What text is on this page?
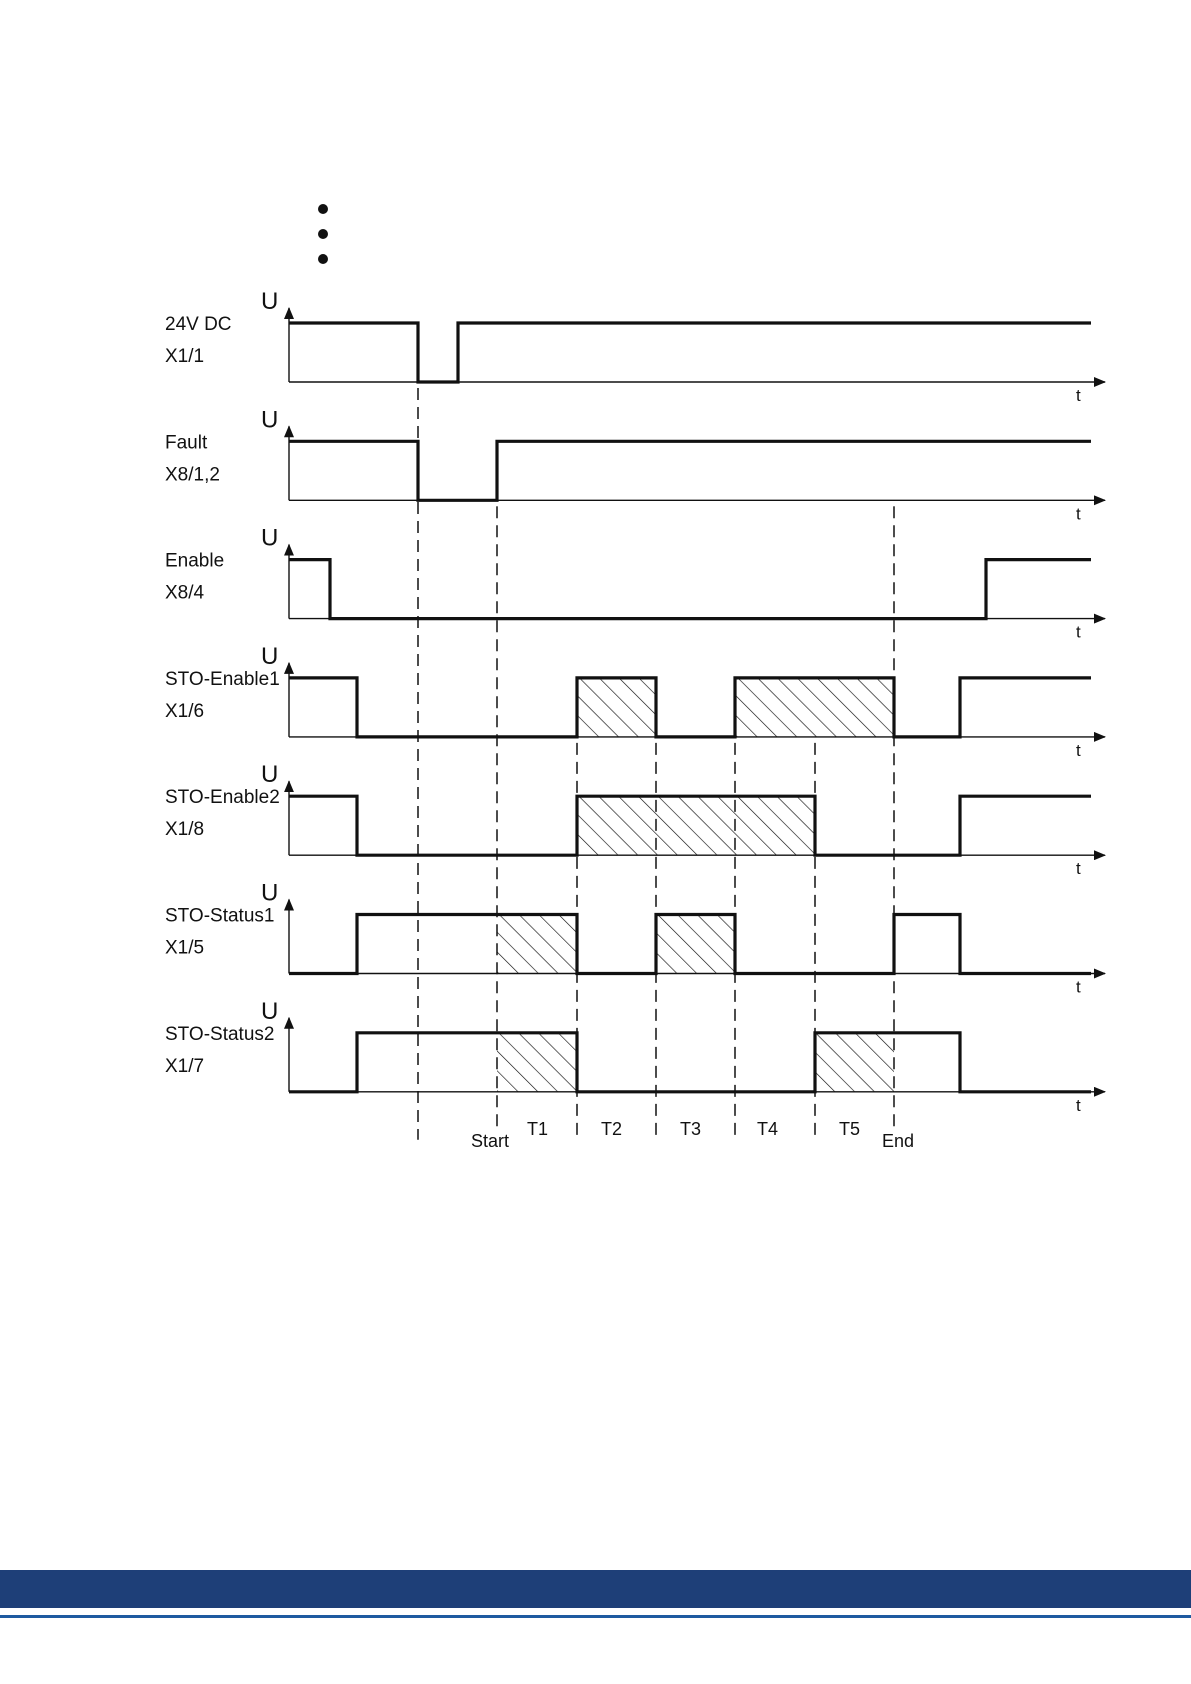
U
t
24V DC
X1/1
U
t
Fault
X8/1,2
U
t
Enable
X8/4
U
t
STO-Enable1
X1/6
U
t
STO-Enable2
X1/8
U
t
STO-Status1
X1/5
U
t
STO-Status2
X1/7
Start
T1	T2	T3	T4	T5
End
